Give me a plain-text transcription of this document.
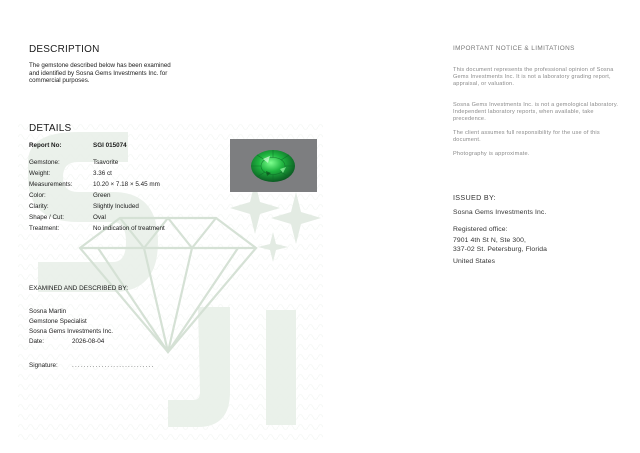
DESCRIPTION
The gemstone described below has been examined and identified by Sosna Gems Investments Inc. for commercial purposes.
DETAILS
Report No:	SGI 015074
Gemstone:	Tsavorite
Weight:	3.36 ct
Measurements:	10.20 × 7.18 × 5.45 mm
Color:	Green
Clarity:	Slightly Included
Shape / Cut:	Oval
Treatment:	No indication of treatment
EXAMINED AND DESCRIBED BY:
Sosna Martin
Gemstone Specialist
Sosna Gems Investments Inc.
Date:	2026-08-04
Signature: ............................
IMPORTANT NOTICE & LIMITATIONS
This document represents the professional opinion of Sosna Gems Investments Inc. It is not a laboratory grading report, appraisal, or valuation.
Sosna Gems Investments Inc. is not a gemological laboratory. Independent laboratory reports, when available, take precedence.
The client assumes full responsibility for the use of this document.
Photography is approximate.
ISSUED BY:
Sosna Gems Investments Inc.
Registered office:
7901 4th St N, Ste 300,
337-02 St. Petersburg, Florida
United States
